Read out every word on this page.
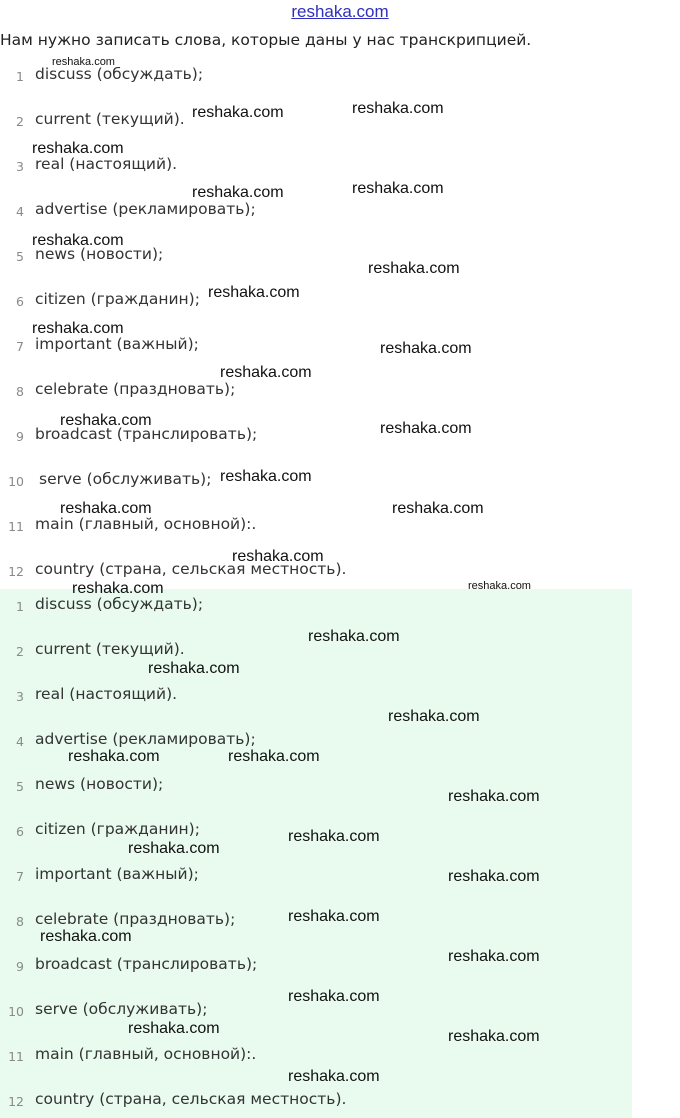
reshaka.com
Нам нужно записать слова, которые даны у нас транскрипцией.
1 discuss (обсуждать);
2 current (текущий).
3 real (настоящий).
4 advertise (рекламировать);
5 news (новости);
6 citizen (гражданин);
7 important (важный);
8 celebrate (праздновать);
9 broadcast (транслировать);
10 serve (обслуживать);
11 main (главный, основной):.
12 country (страна, сельская местность).
1 discuss (обсуждать);
2 current (текущий).
3 real (настоящий).
4 advertise (рекламировать);
5 news (новости);
6 citizen (гражданин);
7 important (важный);
8 celebrate (праздновать);
9 broadcast (транслировать);
10 serve (обслуживать);
11 main (главный, основной):.
12 country (страна, сельская местность).
reshaka.com
reshaka.com	reshaka.com
reshaka.com
reshaka.com	reshaka.com
reshaka.com
reshaka.com
reshaka.com
reshaka.com
reshaka.com
reshaka.com
reshaka.com	reshaka.com
reshaka.com
reshaka.com	reshaka.com
reshaka.com
reshaka.com	reshaka.com
reshaka.com
reshaka.com
reshaka.com
reshaka.com	reshaka.com
reshaka.com
reshaka.com
reshaka.com
reshaka.com
reshaka.com
reshaka.com
reshaka.com
reshaka.com
reshaka.com	reshaka.com
reshaka.com
